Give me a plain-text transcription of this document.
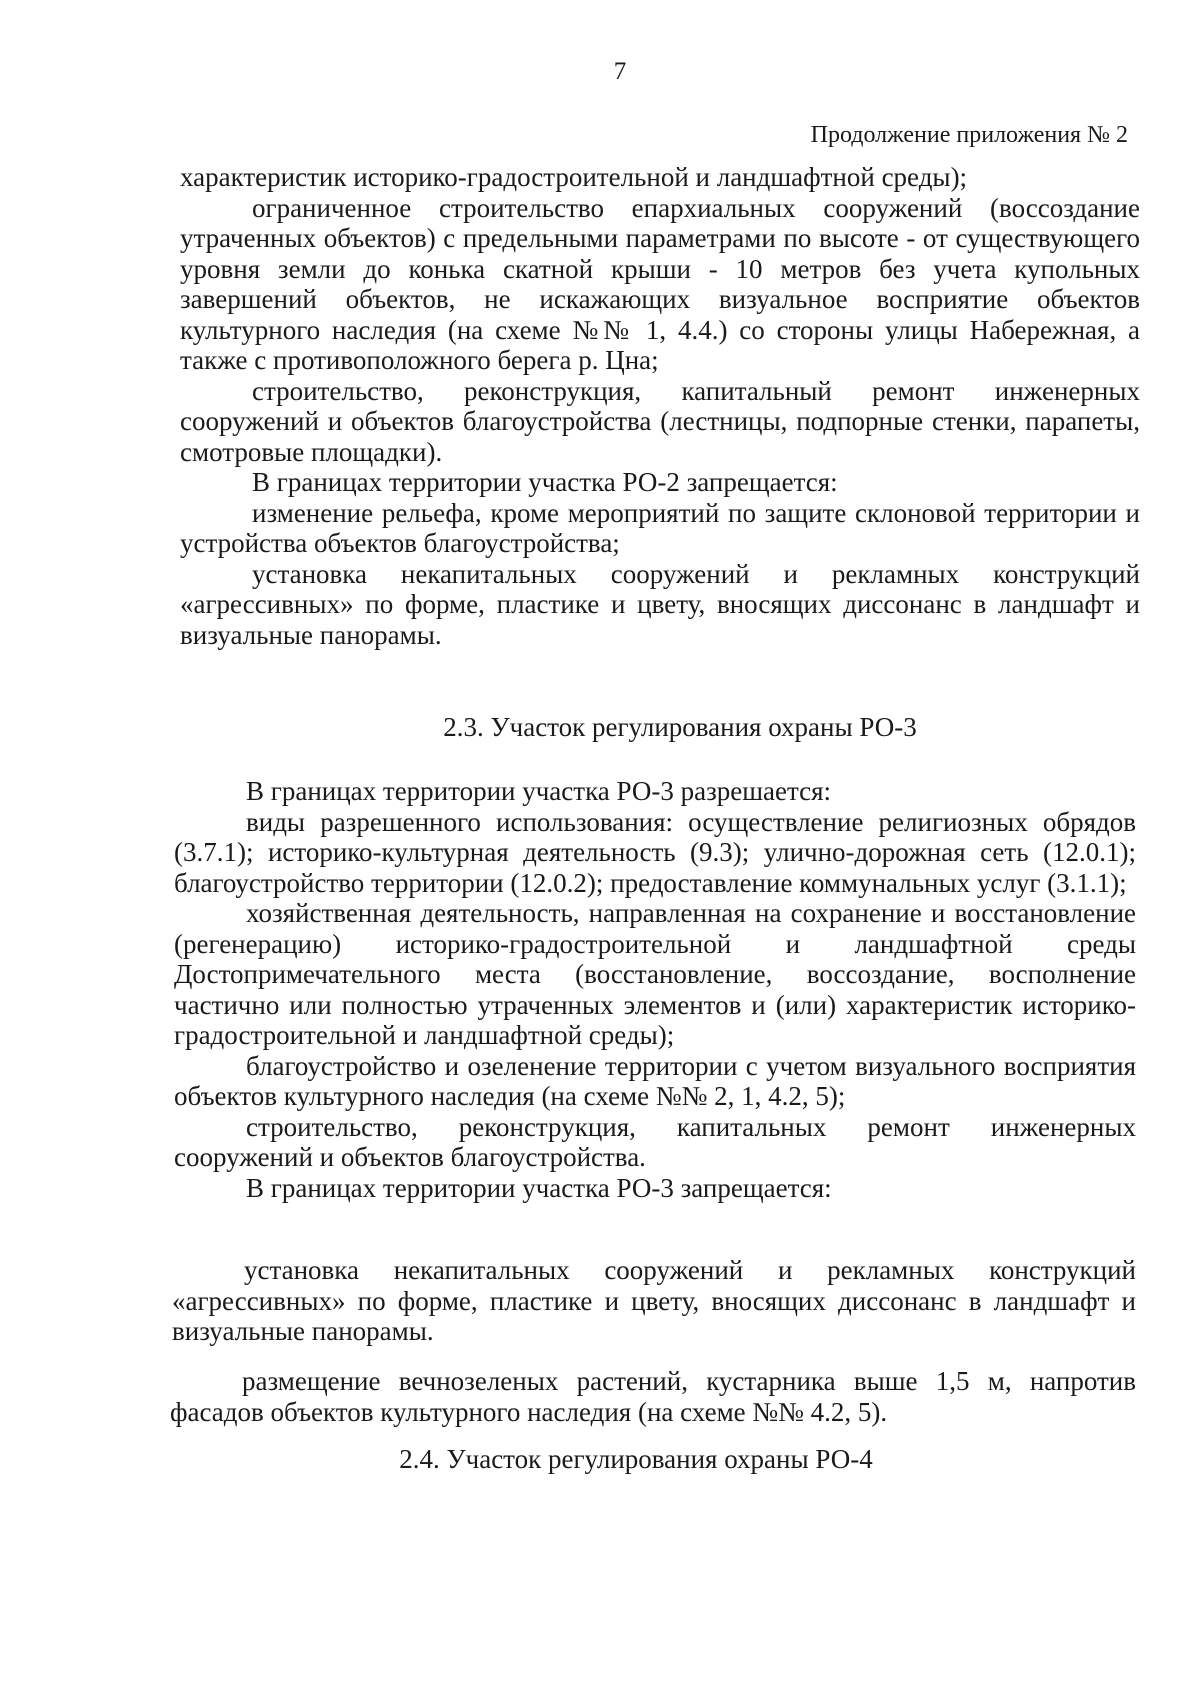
7
Продолжение приложения № 2

характеристик историко-градостроительной и ландшафтной среды);

ограниченное строительство епархиальных сооружений (воссоздание утраченных объектов) с предельными параметрами по высоте - от существующего уровня земли до конька скатной крыши - 10 метров без учета купольных завершений объектов, не искажающих визуальное восприятие объектов культурного наследия (на схеме №№ 1, 4.4.) со стороны улицы Набережная, а также с противоположного берега р. Цна;

строительство, реконструкция, капитальный ремонт инженерных сооружений и объектов благоустройства (лестницы, подпорные стенки, парапеты, смотровые площадки).

В границах территории участка РО-2 запрещается:

изменение рельефа, кроме мероприятий по защите склоновой территории и устройства объектов благоустройства;

установка некапитальных сооружений и рекламных конструкций «агрессивных» по форме, пластике и цвету, вносящих диссонанс в ландшафт и визуальные панорамы.

2.3. Участок регулирования охраны РО-3

В границах территории участка РО-3 разрешается:

виды разрешенного использования: осуществление религиозных обрядов (3.7.1); историко-культурная деятельность (9.3); улично-дорожная сеть (12.0.1); благоустройство территории (12.0.2); предоставление коммунальных услуг (3.1.1);

хозяйственная деятельность, направленная на сохранение и восстановление (регенерацию) историко-градостроительной и ландшафтной среды Достопримечательного места (восстановление, воссоздание, восполнение частично или полностью утраченных элементов и (или) характеристик историко-градостроительной и ландшафтной среды);

благоустройство и озеленение территории с учетом визуального восприятия объектов культурного наследия (на схеме №№ 2, 1, 4.2, 5);

строительство, реконструкция, капитальных ремонт инженерных сооружений и объектов благоустройства.

В границах территории участка РО-3 запрещается:

установка некапитальных сооружений и рекламных конструкций «агрессивных» по форме, пластике и цвету, вносящих диссонанс в ландшафт и визуальные панорамы.

размещение вечнозеленых растений, кустарника выше 1,5 м, напротив фасадов объектов культурного наследия (на схеме №№ 4.2, 5).

2.4. Участок регулирования охраны РО-4
